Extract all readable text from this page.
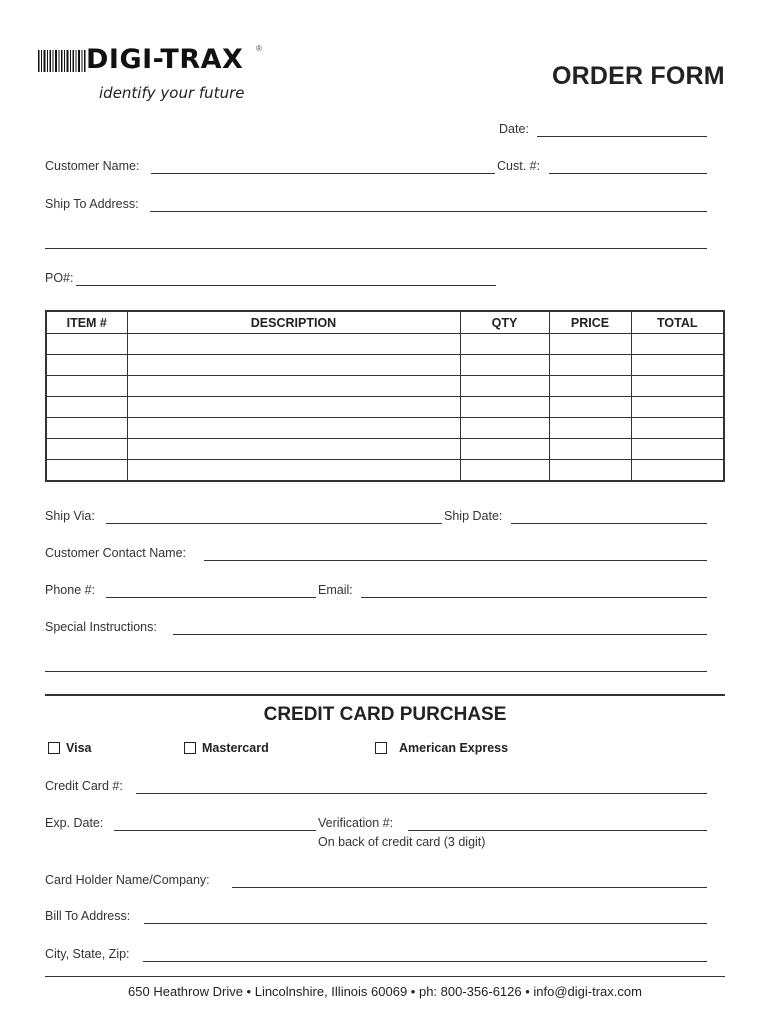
DIGI-TRAX ®
identify your future
ORDER FORM
Date:
Customer Name:	Cust. #:
Ship To Address:
PO#:
ITEM #	DESCRIPTION	QTY	PRICE	TOTAL

Ship Via:	Ship Date:
Customer Contact Name:
Phone #:	Email:
Special Instructions:
CREDIT CARD PURCHASE
Visa	Mastercard	American Express
Credit Card #:
Exp. Date:	Verification #:
On back of credit card (3 digit)
Card Holder Name/Company:
Bill To Address:
City, State, Zip:
650 Heathrow Drive • Lincolnshire, Illinois 60069 • ph: 800-356-6126 • info@digi-trax.com
